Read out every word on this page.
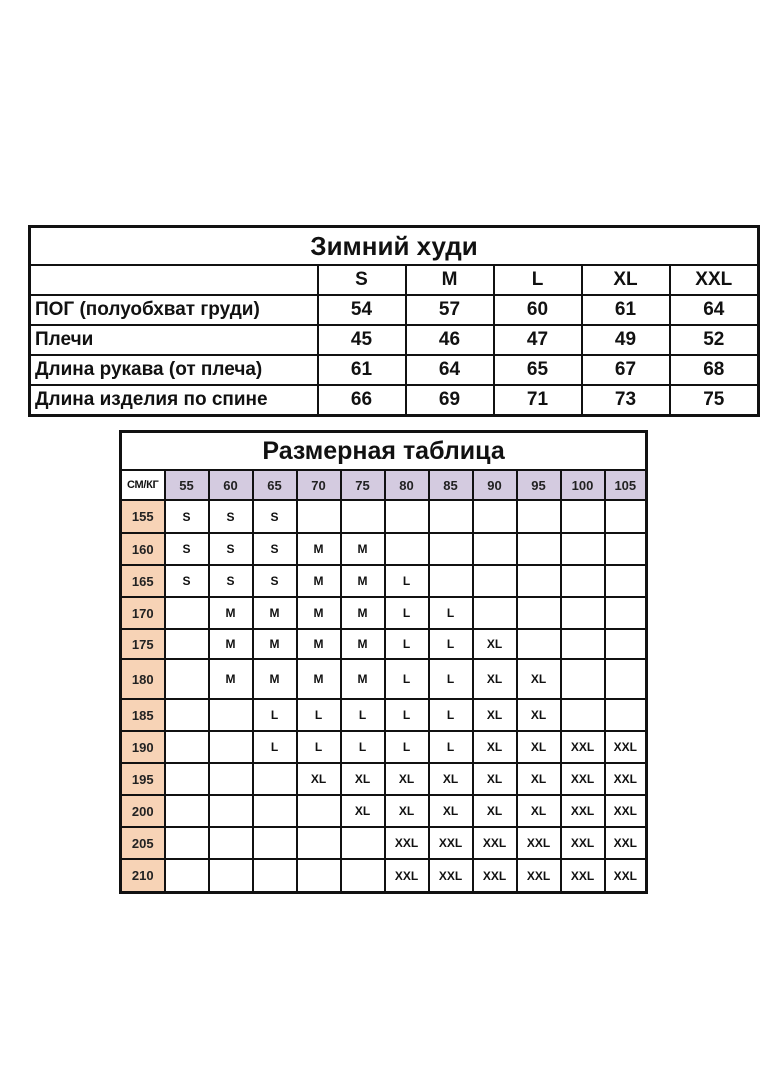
Зимний худи					
	S	M	L	XL	XXL
ПОГ (полуобхват груди)	54	57	60	61	64
Плечи	45	46	47	49	52
Длина рукава (от плеча)	61	64	65	67	68
Длина изделия по спине	66	69	71	73	75
Размерная таблица											
СМ/КГ	55	60	65	70	75	80	85	90	95	100	105
155	S	S	S								
160	S	S	S	M	M						
165	S	S	S	M	M	L					
170		M	M	M	M	L	L				
175		M	M	M	M	L	L	XL			
180		M	M	M	M	L	L	XL	XL		
185			L	L	L	L	L	XL	XL		
190			L	L	L	L	L	XL	XL	XXL	XXL
195				XL	XL	XL	XL	XL	XL	XXL	XXL
200					XL	XL	XL	XL	XL	XXL	XXL
205						XXL	XXL	XXL	XXL	XXL	XXL
210						XXL	XXL	XXL	XXL	XXL	XXL
